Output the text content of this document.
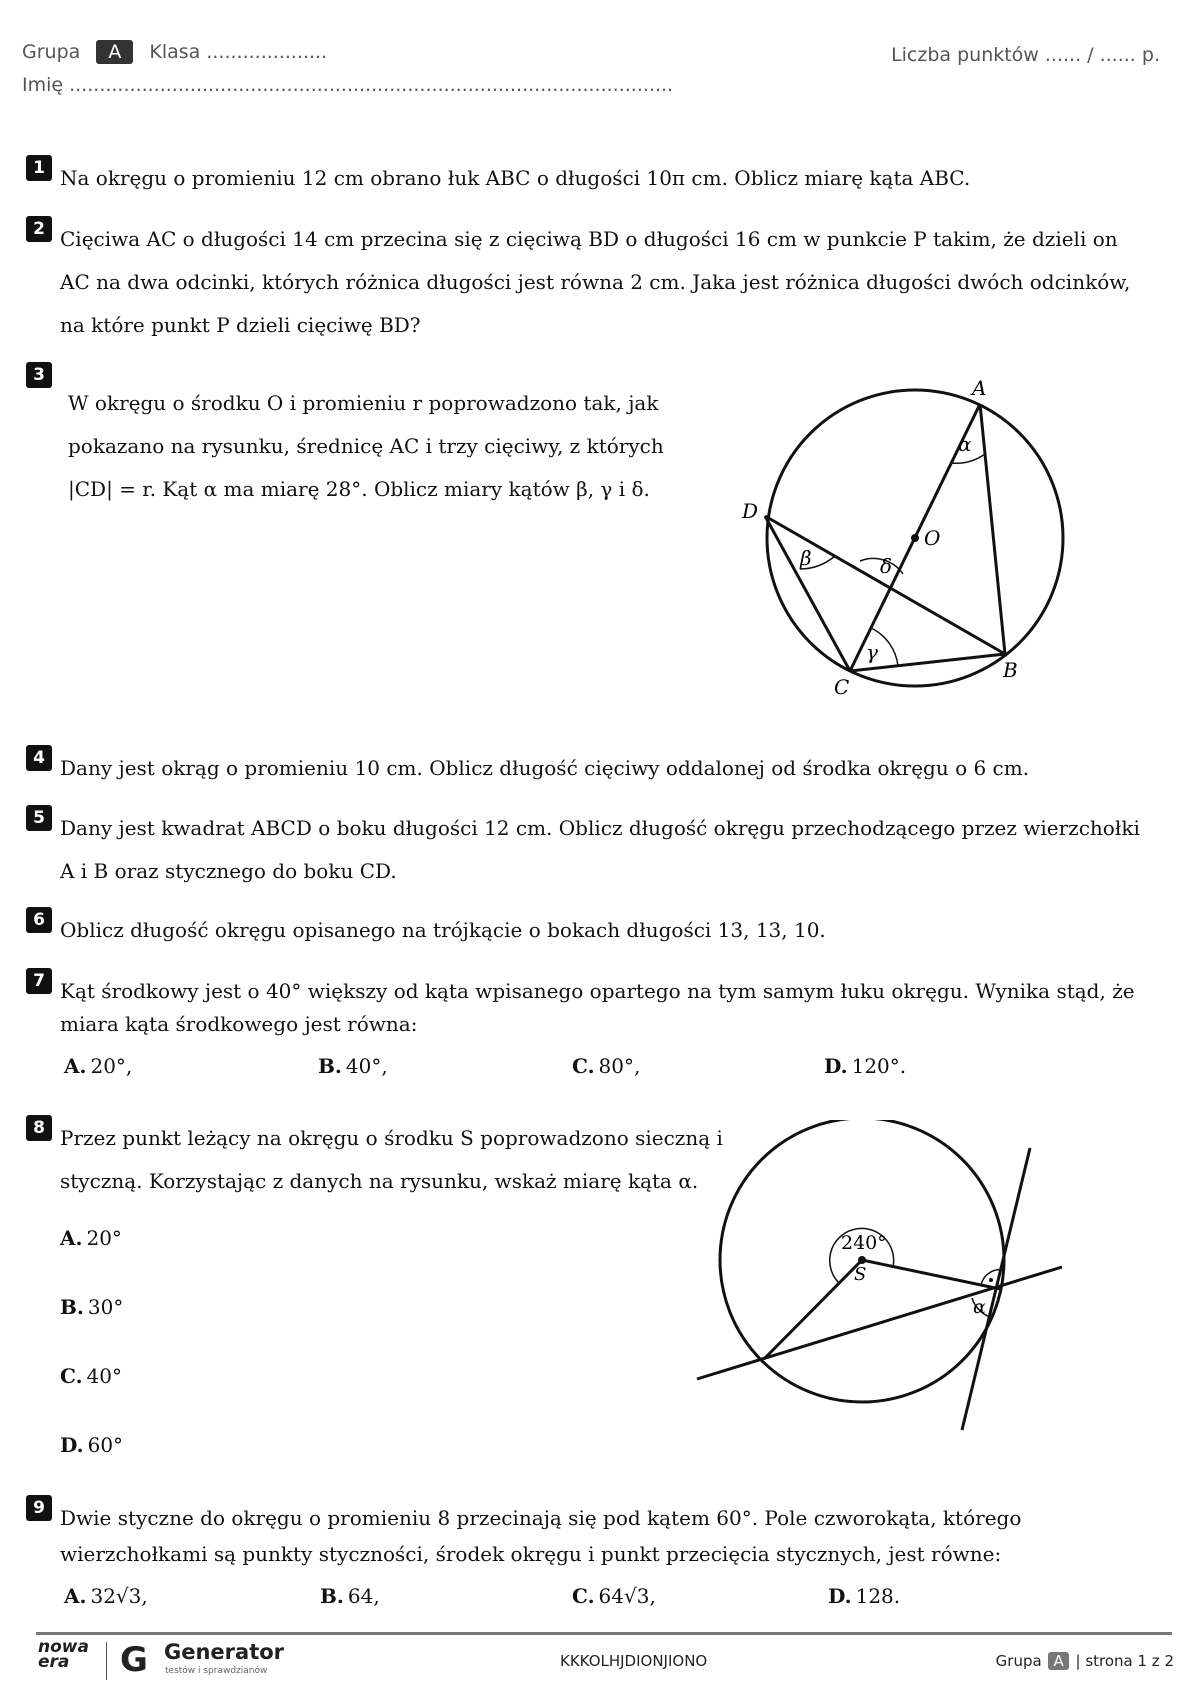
Grupa A Klasa ....................	Liczba punktów ...... / ...... p.
Imię ....................................................................................................
1 Na okręgu o promieniu 12 cm obrano łuk ABC o długości 10π cm. Oblicz miarę kąta ABC.
2 Cięciwa AC o długości 14 cm przecina się z cięciwą BD o długości 16 cm w punkcie P takim, że dzieli on
AC na dwa odcinki, których różnica długości jest równa 2 cm. Jaka jest różnica długości dwóch odcinków,
na które punkt P dzieli cięciwę BD?
3
W okręgu o środku O i promieniu r poprowadzono tak, jak
pokazano na rysunku, średnicę AC i trzy cięciwy, z których
|CD| = r. Kąt α ma miarę 28°. Oblicz miary kątów β, γ i δ.
A
B
C
D
O
α
β	δ
γ
4 Dany jest okrąg o promieniu 10 cm. Oblicz długość cięciwy oddalonej od środka okręgu o 6 cm.
5 Dany jest kwadrat ABCD o boku długości 12 cm. Oblicz długość okręgu przechodzącego przez wierzchołki
A i B oraz stycznego do boku CD.
6 Oblicz długość okręgu opisanego na trójkącie o bokach długości 13, 13, 10.
7 Kąt środkowy jest o 40° większy od kąta wpisanego opartego na tym samym łuku okręgu. Wynika stąd, że
miara kąta środkowego jest równa:
A. 20°,	B. 40°,	C. 80°,	D. 120°.
8 Przez punkt leżący na okręgu o środku S poprowadzono sieczną i
styczną. Korzystając z danych na rysunku, wskaż miarę kąta α.
A. 20°
B. 30°
C. 40°
D. 60°
240°
S
α
9 Dwie styczne do okręgu o promieniu 8 przecinają się pod kątem 60°. Pole czworokąta, którego
wierzchołkami są punkty styczności, środek okręgu i punkt przecięcia stycznych, jest równe:
A. 32√3,	B. 64,	C. 64√3,	D. 128.
nowa era	G Generator
testów i sprawdzianów
KKKOLHJDIONJIONO	Grupa A | strona 1 z 2
